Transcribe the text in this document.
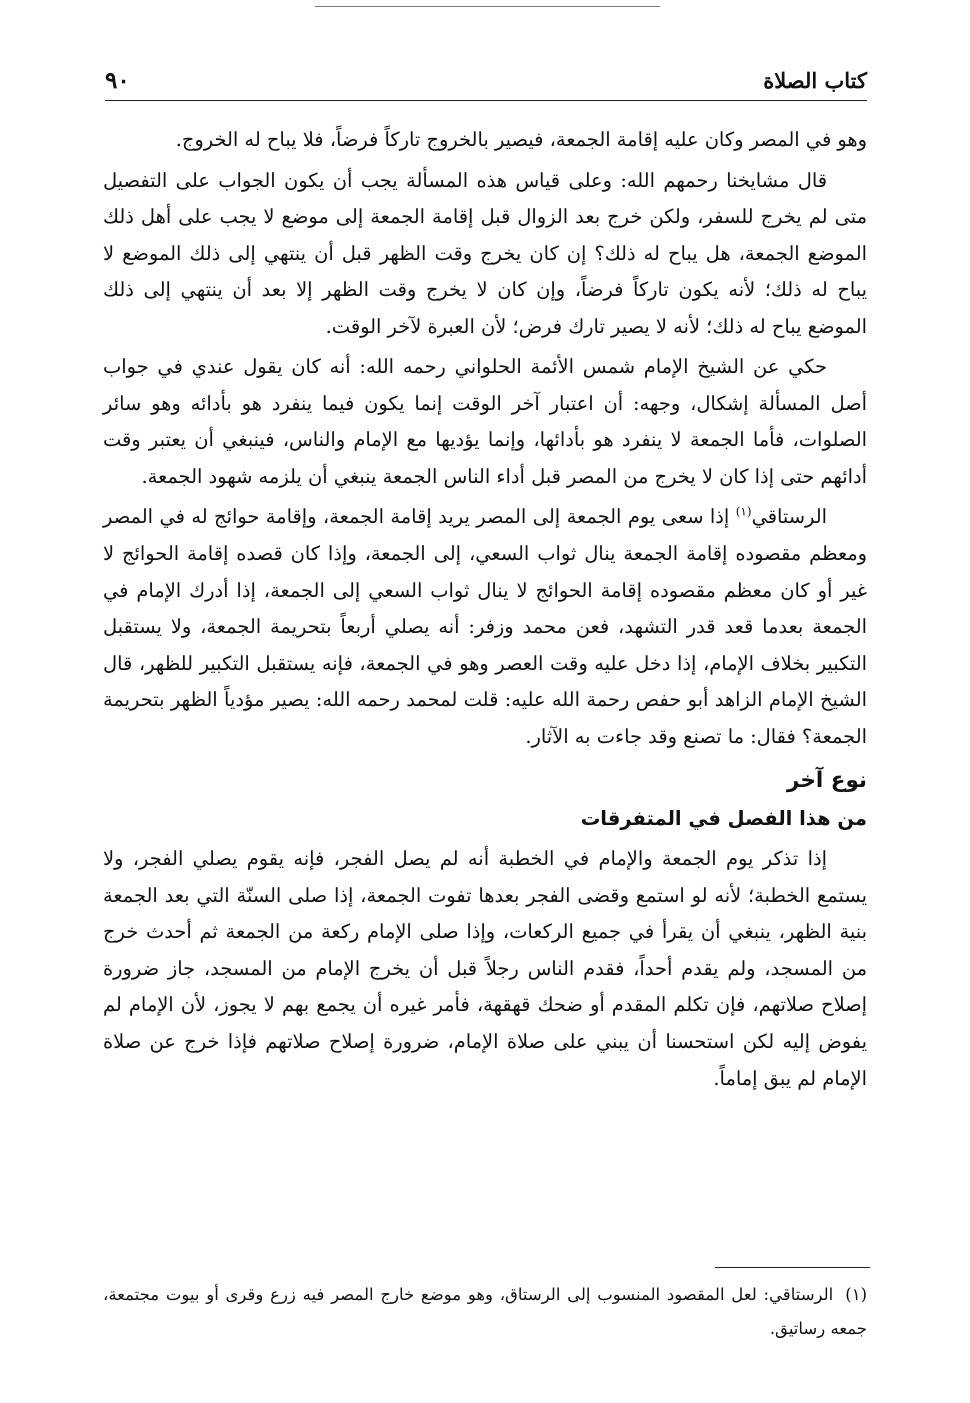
٩٠	كتاب الصلاة

وهو في المصر وكان عليه إقامة الجمعة، فيصير بالخروج تاركاً فرضاً، فلا يباح له الخروج.

قال مشايخنا رحمهم الله: وعلى قياس هذه المسألة يجب أن يكون الجواب على التفصيل متى لم يخرج للسفر، ولكن خرج بعد الزوال قبل إقامة الجمعة إلى موضع لا يجب على أهل ذلك الموضع الجمعة، هل يباح له ذلك؟ إن كان يخرج وقت الظهر قبل أن ينتهي إلى ذلك الموضع لا يباح له ذلك؛ لأنه يكون تاركاً فرضاً، وإن كان لا يخرج وقت الظهر إلا بعد أن ينتهي إلى ذلك الموضع يباح له ذلك؛ لأنه لا يصير تارك فرض؛ لأن العبرة لآخر الوقت.

حكي عن الشيخ الإمام شمس الأئمة الحلواني رحمه الله: أنه كان يقول عندي في جواب أصل المسألة إشكال، وجهه: أن اعتبار آخر الوقت إنما يكون فيما ينفرد هو بأدائه وهو سائر الصلوات، فأما الجمعة لا ينفرد هو بأدائها، وإنما يؤديها مع الإمام والناس، فينبغي أن يعتبر وقت أدائهم حتى إذا كان لا يخرج من المصر قبل أداء الناس الجمعة ينبغي أن يلزمه شهود الجمعة.

الرستاقي$^{(١)}$ إذا سعى يوم الجمعة إلى المصر يريد إقامة الجمعة، وإقامة حوائج له في المصر ومعظم مقصوده إقامة الجمعة ينال ثواب السعي، إلى الجمعة، وإذا كان قصده إقامة الحوائج لا غير أو كان معظم مقصوده إقامة الحوائج لا ينال ثواب السعي إلى الجمعة، إذا أدرك الإمام في الجمعة بعدما قعد قدر التشهد، فعن محمد وزفر: أنه يصلي أربعاً بتحريمة الجمعة، ولا يستقبل التكبير بخلاف الإمام، إذا دخل عليه وقت العصر وهو في الجمعة، فإنه يستقبل التكبير للظهر، قال الشيخ الإمام الزاهد أبو حفص رحمة الله عليه: قلت لمحمد رحمه الله: يصير مؤدياً الظهر بتحريمة الجمعة؟ فقال: ما تصنع وقد جاءت به الآثار.

نوع آخر
من هذا الفصل في المتفرقات

إذا تذكر يوم الجمعة والإمام في الخطبة أنه لم يصل الفجر، فإنه يقوم يصلي الفجر، ولا يستمع الخطبة؛ لأنه لو استمع وقضى الفجر بعدها تفوت الجمعة، إذا صلى السنّة التي بعد الجمعة بنية الظهر، ينبغي أن يقرأ في جميع الركعات، وإذا صلى الإمام ركعة من الجمعة ثم أحدث خرج من المسجد، ولم يقدم أحداً، فقدم الناس رجلاً قبل أن يخرج الإمام من المسجد، جاز ضرورة إصلاح صلاتهم، فإن تكلم المقدم أو ضحك قهقهة، فأمر غيره أن يجمع بهم لا يجوز، لأن الإمام لم يفوض إليه لكن استحسنا أن يبني على صلاة الإمام، ضرورة إصلاح صلاتهم فإذا خرج عن صلاة الإمام لم يبق إماماً.

(١)الرستاقي: لعل المقصود المنسوب إلى الرستاق، وهو موضع خارج المصر فيه زرع وقرى أو بيوت مجتمعة، جمعه رساتيق.
